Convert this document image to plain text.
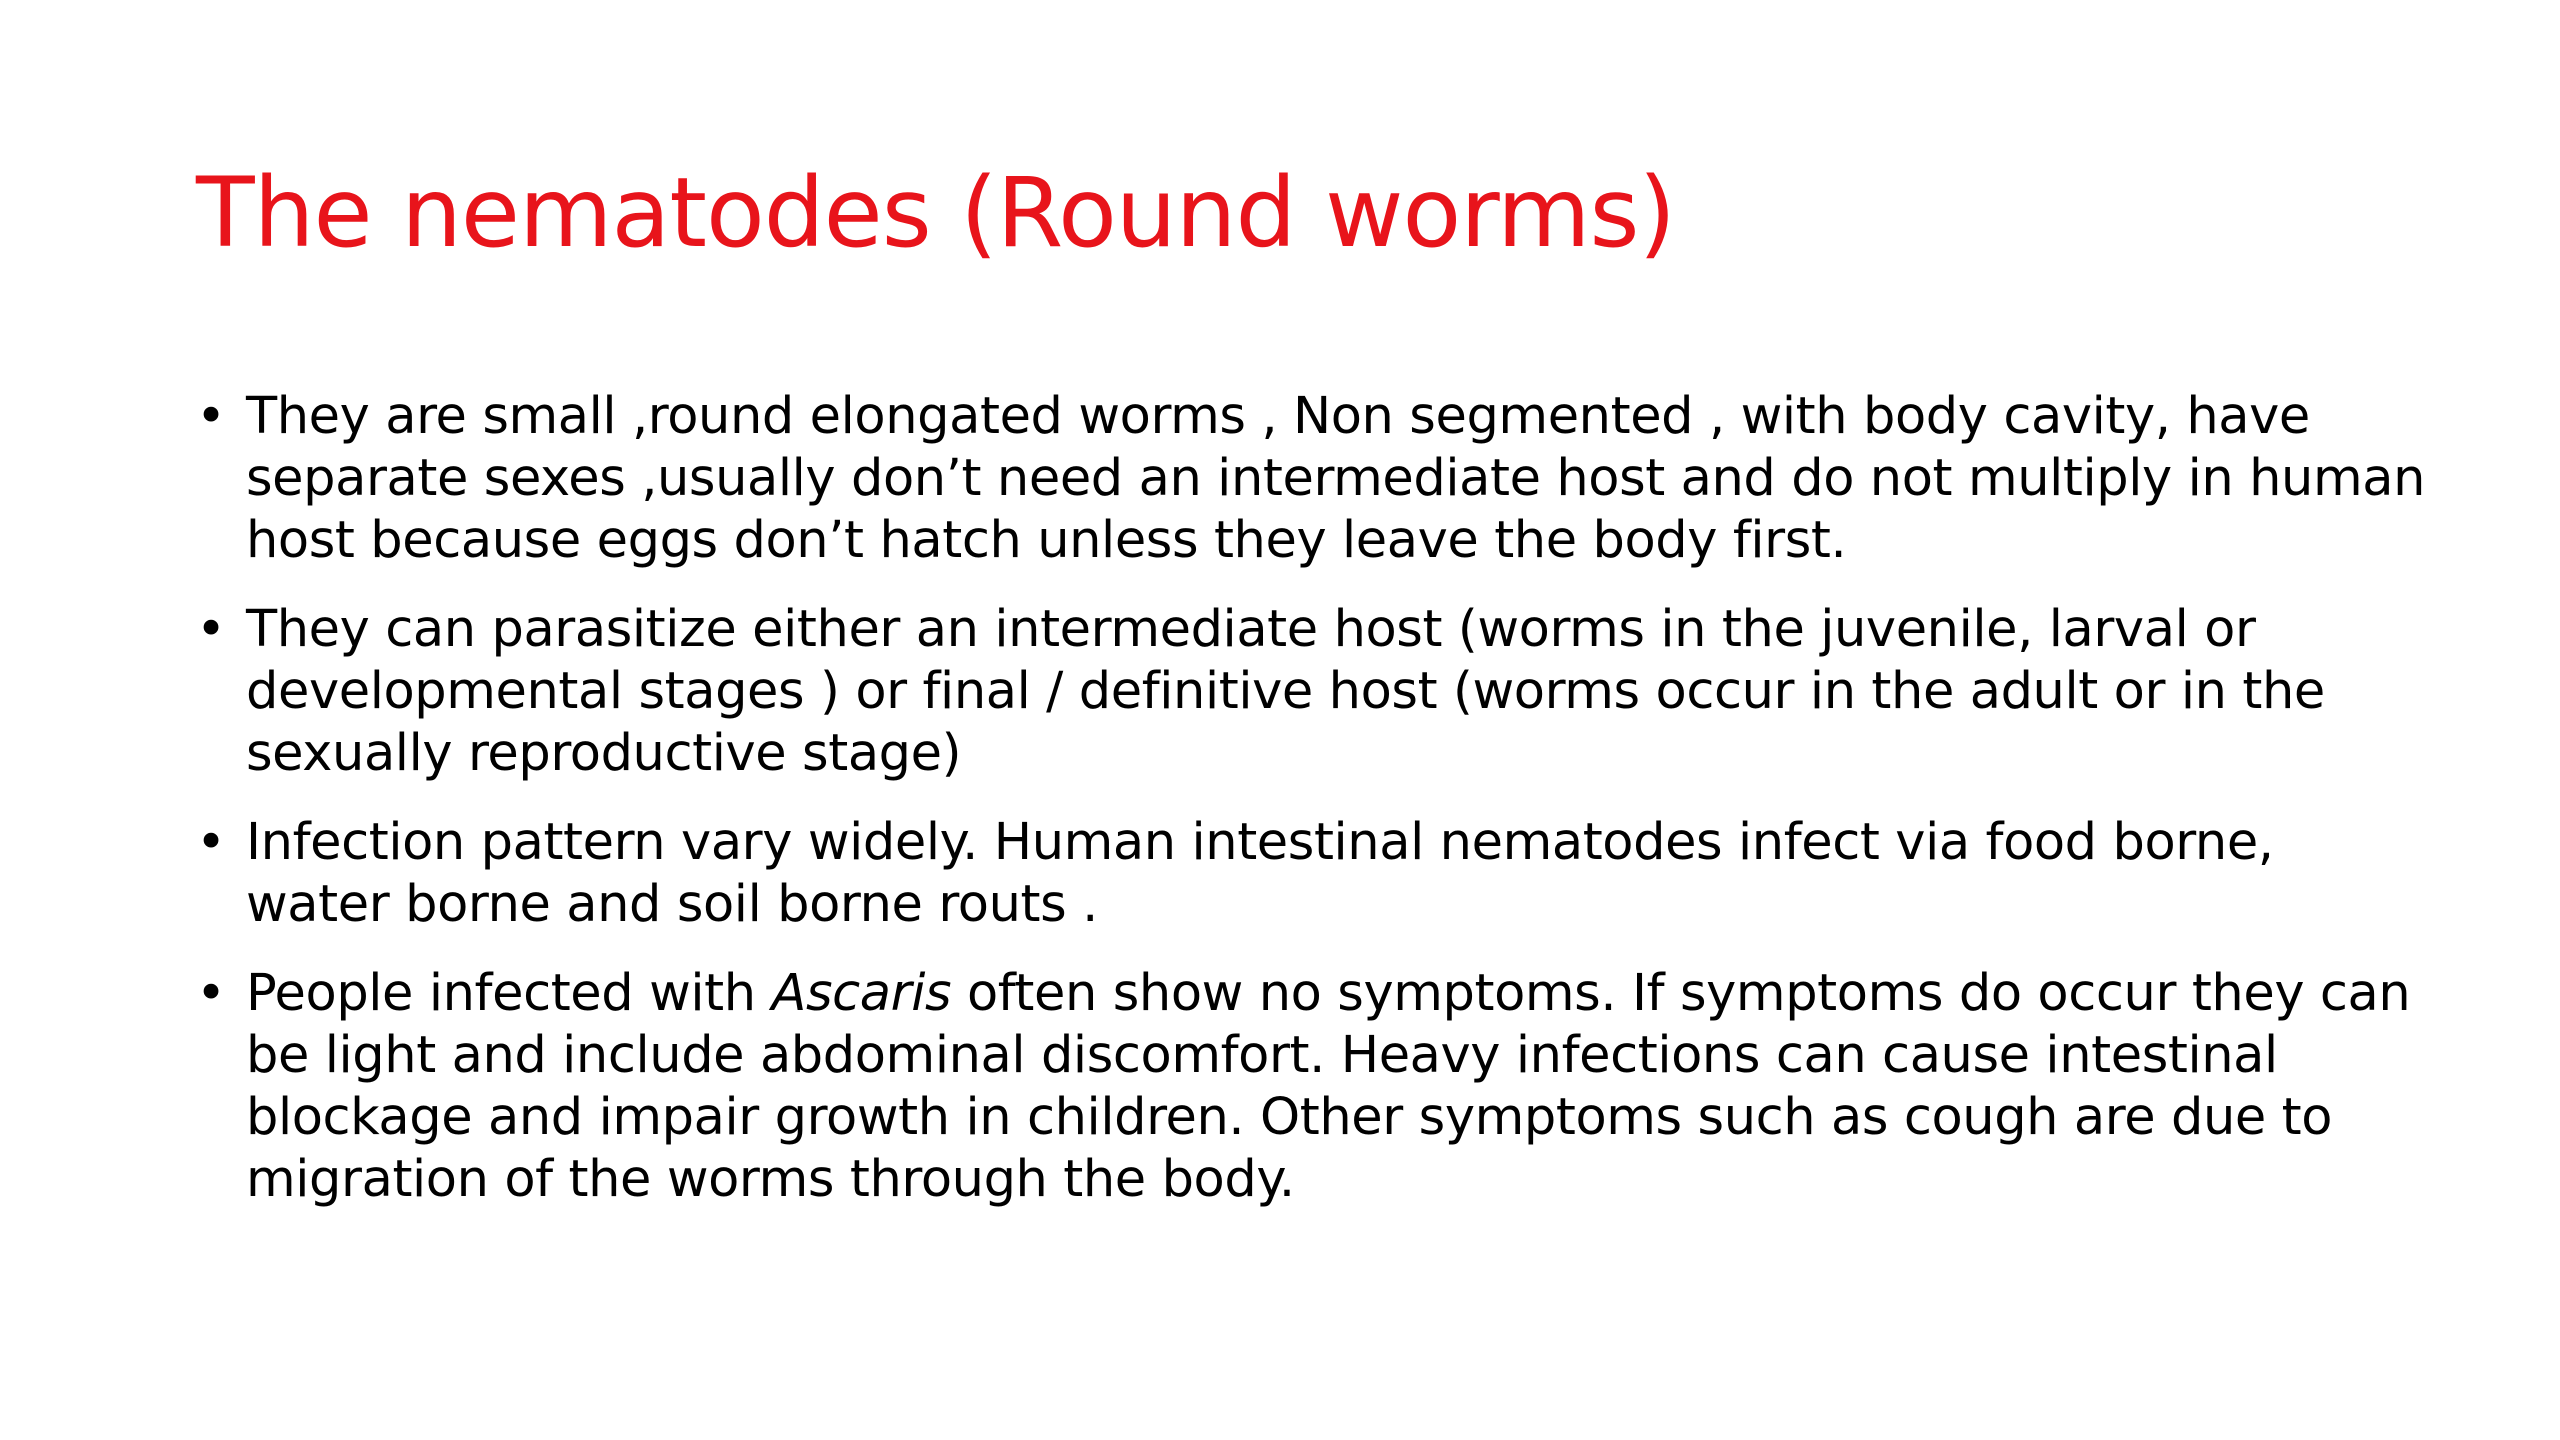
The nematodes (Round worms)
• They are small ,round elongated worms , Non segmented , with body cavity, have separate sexes ,usually don’t need an intermediate host and do not multiply in human host because eggs don’t hatch unless they leave the body first.
• They can parasitize either an intermediate host (worms in the juvenile, larval or developmental stages ) or final / definitive host (worms occur in the adult or in the sexually reproductive stage)
• Infection pattern vary widely. Human intestinal nematodes infect via food borne, water borne and soil borne routs .
• People infected with Ascaris often show no symptoms. If symptoms do occur they can be light and include abdominal discomfort. Heavy infections can cause intestinal blockage and impair growth in children. Other symptoms such as cough are due to migration of the worms through the body.
